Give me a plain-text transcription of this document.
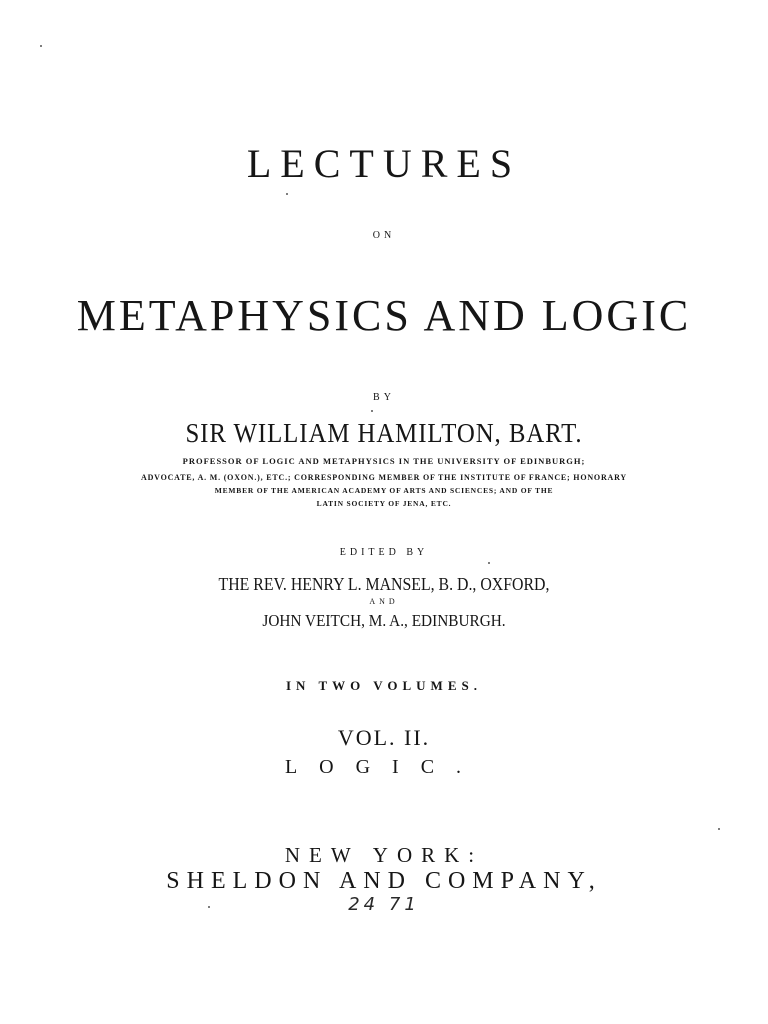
LECTURES
ON
METAPHYSICS AND LOGIC
BY
SIR WILLIAM HAMILTON, BART.
PROFESSOR OF LOGIC AND METAPHYSICS IN THE UNIVERSITY OF EDINBURGH;
ADVOCATE, A. M. (OXON.), ETC.; CORRESPONDING MEMBER OF THE INSTITUTE OF FRANCE; HONORARY
MEMBER OF THE AMERICAN ACADEMY OF ARTS AND SCIENCES; AND OF THE
LATIN SOCIETY OF JENA, ETC.
EDITED BY
THE REV. HENRY L. MANSEL, B. D., OXFORD,
AND
JOHN VEITCH, M. A., EDINBURGH.
IN TWO VOLUMES.
VOL. II.
LOGIC.
NEW YORK:
SHELDON AND COMPANY,
24 71
